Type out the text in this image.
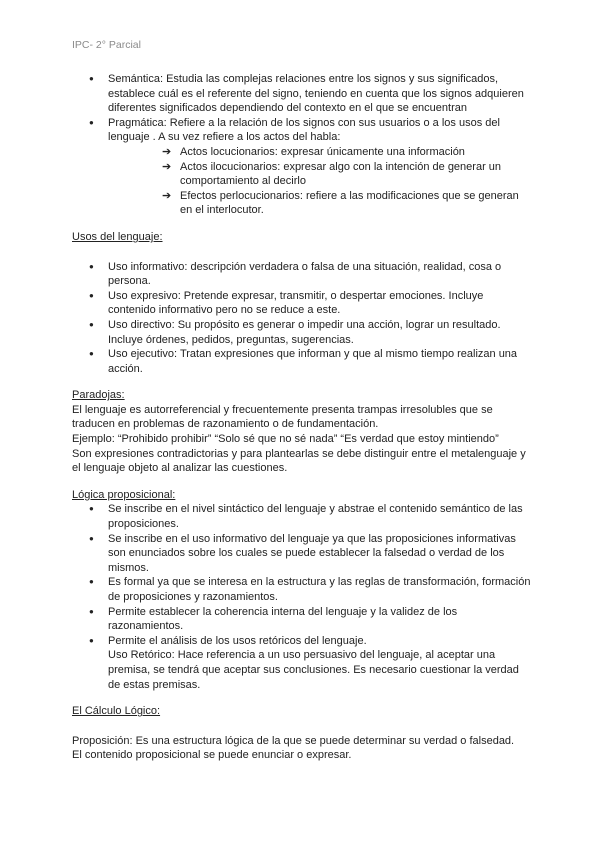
IPC- 2° Parcial
● Semántica: Estudia las complejas relaciones entre los signos y sus significados, establece cuál es el referente del signo, teniendo en cuenta que los signos adquieren diferentes significados dependiendo del contexto en el que se encuentran
● Pragmática: Refiere a la relación de los signos con sus usuarios o a los usos del lenguaje . A su vez refiere a los actos del habla:
➔ Actos locucionarios: expresar únicamente una información
➔ Actos ilocucionarios: expresar algo con la intención de generar un comportamiento al decirlo
➔ Efectos perlocucionarios: refiere a las modificaciones que se generan en el interlocutor.
Usos del lenguaje:
● Uso informativo: descripción verdadera o falsa de una situación, realidad, cosa o persona.
● Uso expresivo: Pretende expresar, transmitir, o despertar emociones. Incluye contenido informativo pero no se reduce a este.
● Uso directivo: Su propósito es generar o impedir una acción, lograr un resultado. Incluye órdenes, pedidos, preguntas, sugerencias.
● Uso ejecutivo: Tratan expresiones que informan y que al mismo tiempo realizan una acción.
Paradojas:
El lenguaje es autorreferencial y frecuentemente presenta trampas irresolubles que se traducen en problemas de razonamiento o de fundamentación.
Ejemplo: “Prohibido prohibir” “Solo sé que no sé nada” “Es verdad que estoy mintiendo”
Son expresiones contradictorias y para plantearlas se debe distinguir entre el metalenguaje y el lenguaje objeto al analizar las cuestiones.
Lógica proposicional:
● Se inscribe en el nivel sintáctico del lenguaje y abstrae el contenido semántico de las proposiciones.
● Se inscribe en el uso informativo del lenguaje ya que las proposiciones informativas son enunciados sobre los cuales se puede establecer la falsedad o verdad de los mismos.
● Es formal ya que se interesa en la estructura y las reglas de transformación, formación de proposiciones y razonamientos.
● Permite establecer la coherencia interna del lenguaje y la validez de los razonamientos.
● Permite el análisis de los usos retóricos del lenguaje.
Uso Retórico: Hace referencia a un uso persuasivo del lenguaje, al aceptar una premisa, se tendrá que aceptar sus conclusiones. Es necesario cuestionar la verdad de estas premisas.
El Cálculo Lógico:
Proposición: Es una estructura lógica de la que se puede determinar su verdad o falsedad.
El contenido proposicional se puede enunciar o expresar.
